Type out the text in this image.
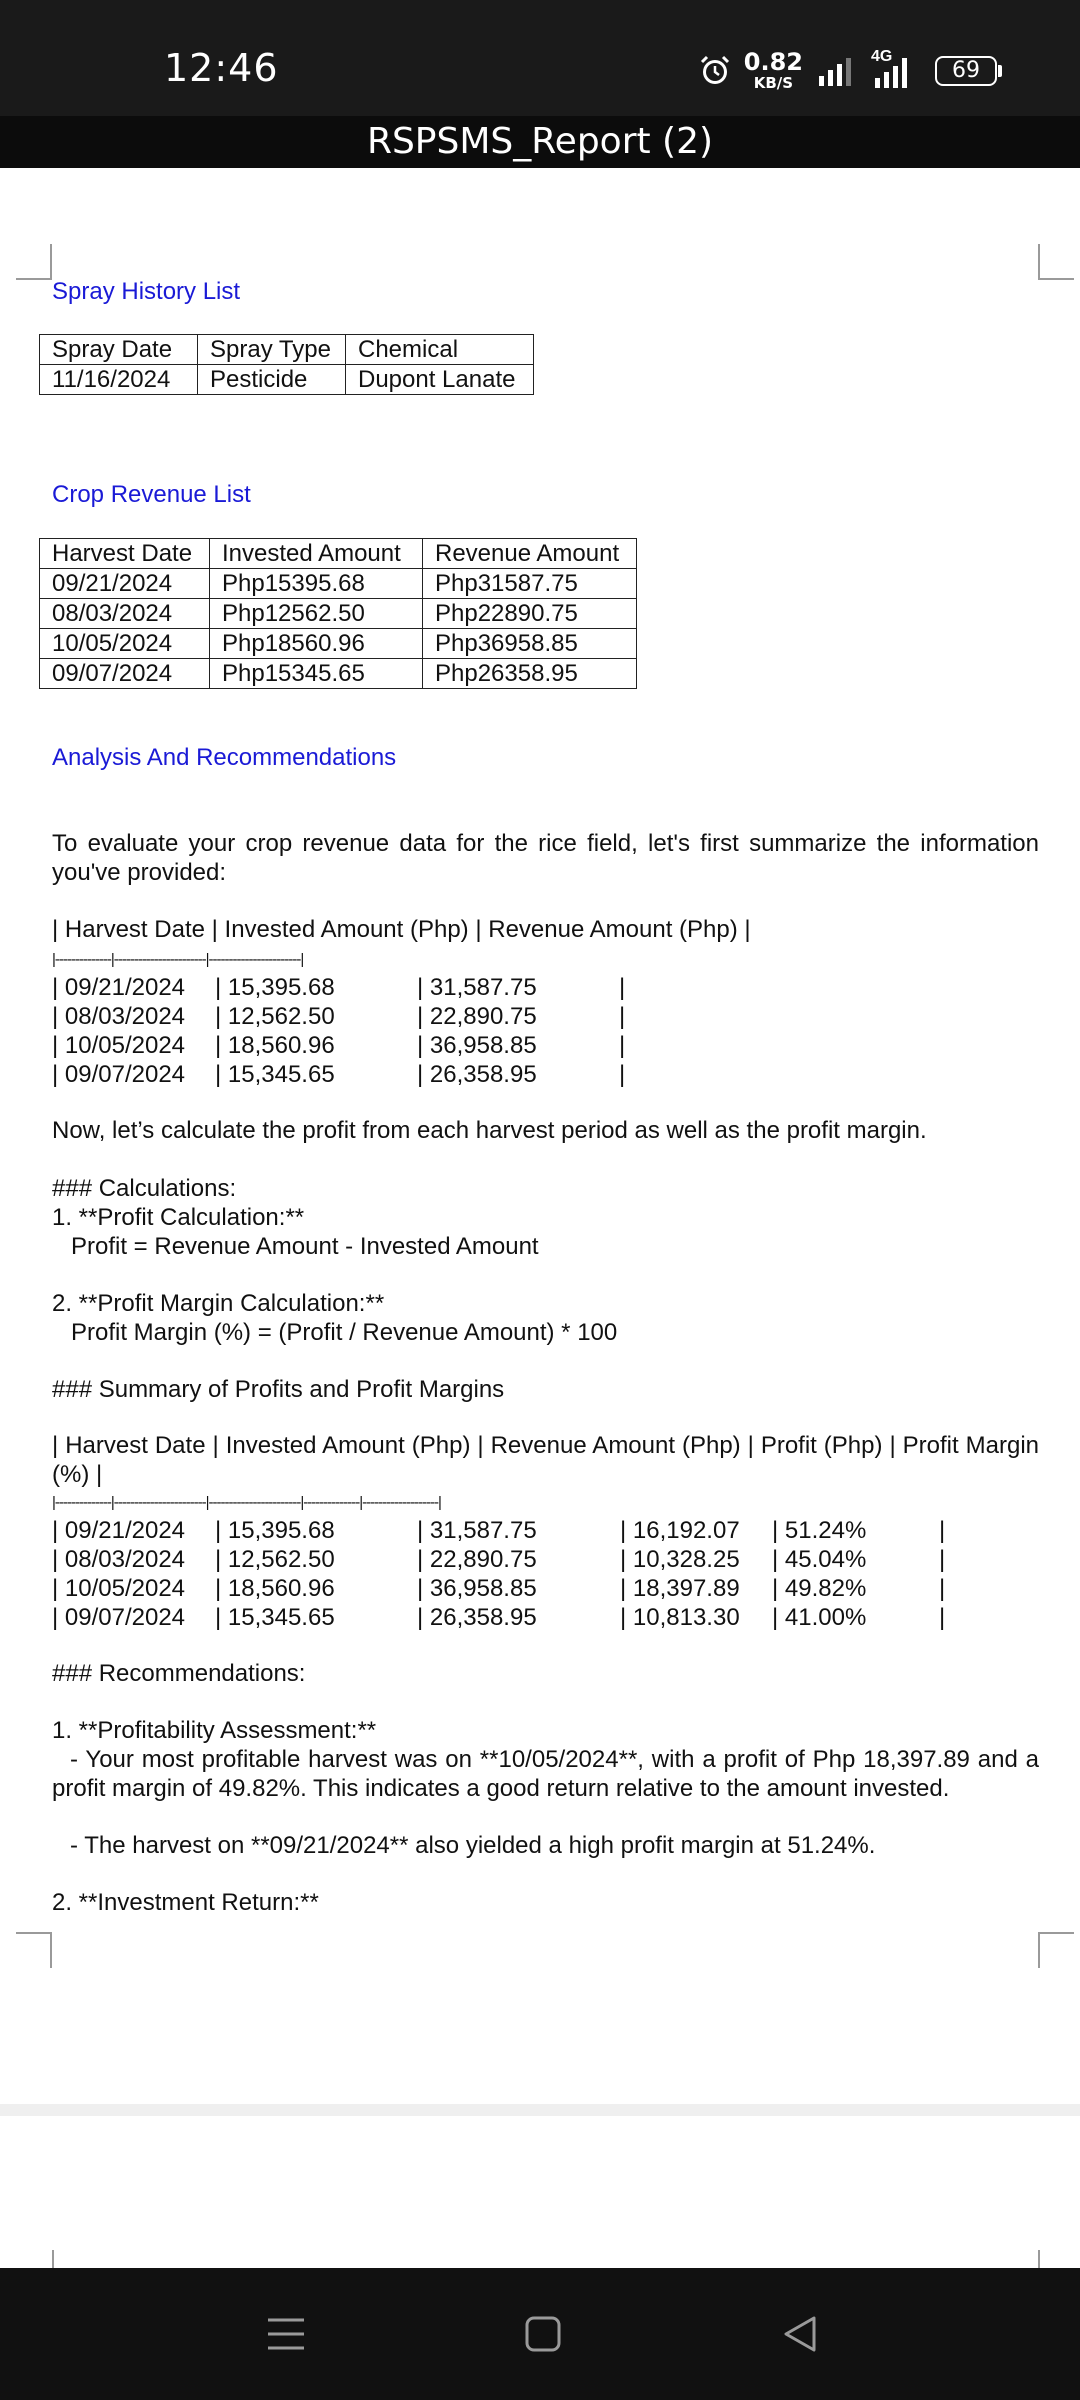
12:46	0.82
KB/S
4G
69
RSPSMS_Report (2)
Spray History List
Spray Date	Spray Type	Chemical
11/16/2024	Pesticide	Dupont Lanate
Crop Revenue List
Harvest Date	Invested Amount	Revenue Amount
09/21/2024	Php15395.68	Php31587.75
08/03/2024	Php12562.50	Php22890.75
10/05/2024	Php18560.96	Php36958.85
09/07/2024	Php15345.65	Php26358.95
Analysis And Recommendations
To evaluate your crop revenue data for the rice field, let's first summarize the information you've provided:
| Harvest Date | Invested Amount (Php) | Revenue Amount (Php) |
|--------------|-----------------------|-----------------------|
| 09/21/2024 | 15,395.68	| 31,587.75	|
| 08/03/2024 | 12,562.50	| 22,890.75	|
| 10/05/2024 | 18,560.96	| 36,958.85	|
| 09/07/2024 | 15,345.65	| 26,358.95	|
Now, let’s calculate the profit from each harvest period as well as the profit margin.
### Calculations:
1. **Profit Calculation:**
Profit = Revenue Amount - Invested Amount
2. **Profit Margin Calculation:**
Profit Margin (%) = (Profit / Revenue Amount) * 100
### Summary of Profits and Profit Margins
| Harvest Date | Invested Amount (Php) | Revenue Amount (Php) | Profit (Php) | Profit Margin (%) |
|--------------|-----------------------|-----------------------|--------------|-------------------|
| 09/21/2024 | 15,395.68	| 31,587.75	| 16,192.07 | 51.24%	|
| 08/03/2024 | 12,562.50	| 22,890.75	| 10,328.25 | 45.04%	|
| 10/05/2024 | 18,560.96	| 36,958.85	| 18,397.89 | 49.82%	|
| 09/07/2024 | 15,345.65	| 26,358.95	| 10,813.30 | 41.00%	|
### Recommendations:
1. **Profitability Assessment:**
- Your most profitable harvest was on **10/05/2024**, with a profit of Php 18,397.89 and a profit margin of 49.82%. This indicates a good return relative to the amount invested.
- The harvest on **09/21/2024** also yielded a high profit margin at 51.24%.
2. **Investment Return:**
